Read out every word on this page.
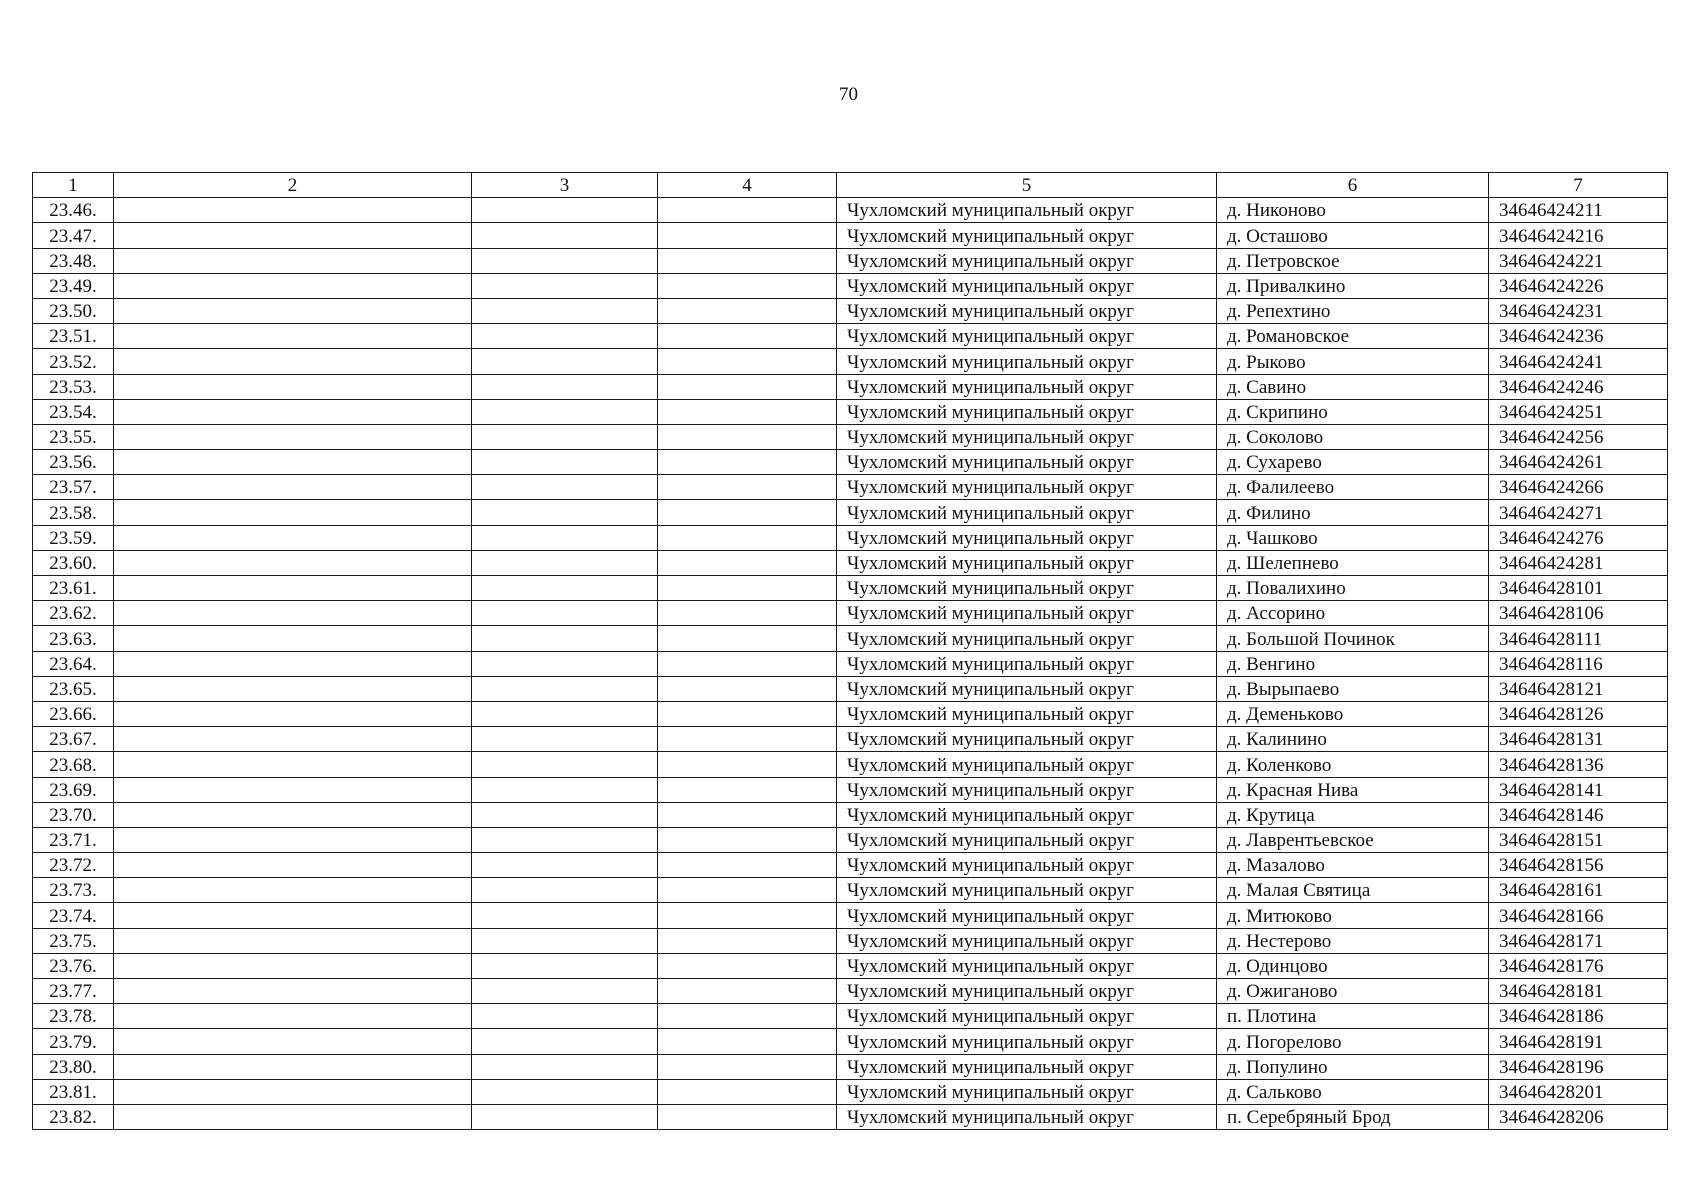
70
1	2	3	4	5	6	7
23.46.				Чухломский муниципальный округ	д. Никоново	34646424211
23.47.				Чухломский муниципальный округ	д. Осташово	34646424216
23.48.				Чухломский муниципальный округ	д. Петровское	34646424221
23.49.				Чухломский муниципальный округ	д. Привалкино	34646424226
23.50.				Чухломский муниципальный округ	д. Репехтино	34646424231
23.51.				Чухломский муниципальный округ	д. Романовское	34646424236
23.52.				Чухломский муниципальный округ	д. Рыково	34646424241
23.53.				Чухломский муниципальный округ	д. Савино	34646424246
23.54.				Чухломский муниципальный округ	д. Скрипино	34646424251
23.55.				Чухломский муниципальный округ	д. Соколово	34646424256
23.56.				Чухломский муниципальный округ	д. Сухарево	34646424261
23.57.				Чухломский муниципальный округ	д. Фалилеево	34646424266
23.58.				Чухломский муниципальный округ	д. Филино	34646424271
23.59.				Чухломский муниципальный округ	д. Чашково	34646424276
23.60.				Чухломский муниципальный округ	д. Шелепнево	34646424281
23.61.				Чухломский муниципальный округ	д. Повалихино	34646428101
23.62.				Чухломский муниципальный округ	д. Ассорино	34646428106
23.63.				Чухломский муниципальный округ	д. Большой Починок	34646428111
23.64.				Чухломский муниципальный округ	д. Венгино	34646428116
23.65.				Чухломский муниципальный округ	д. Вырыпаево	34646428121
23.66.				Чухломский муниципальный округ	д. Деменьково	34646428126
23.67.				Чухломский муниципальный округ	д. Калинино	34646428131
23.68.				Чухломский муниципальный округ	д. Коленково	34646428136
23.69.				Чухломский муниципальный округ	д. Красная Нива	34646428141
23.70.				Чухломский муниципальный округ	д. Крутица	34646428146
23.71.				Чухломский муниципальный округ	д. Лаврентьевское	34646428151
23.72.				Чухломский муниципальный округ	д. Мазалово	34646428156
23.73.				Чухломский муниципальный округ	д. Малая Святица	34646428161
23.74.				Чухломский муниципальный округ	д. Митюково	34646428166
23.75.				Чухломский муниципальный округ	д. Нестерово	34646428171
23.76.				Чухломский муниципальный округ	д. Одинцово	34646428176
23.77.				Чухломский муниципальный округ	д. Ожиганово	34646428181
23.78.				Чухломский муниципальный округ	п. Плотина	34646428186
23.79.				Чухломский муниципальный округ	д. Погорелово	34646428191
23.80.				Чухломский муниципальный округ	д. Популино	34646428196
23.81.				Чухломский муниципальный округ	д. Сальково	34646428201
23.82.				Чухломский муниципальный округ	п. Серебряный Брод	34646428206
